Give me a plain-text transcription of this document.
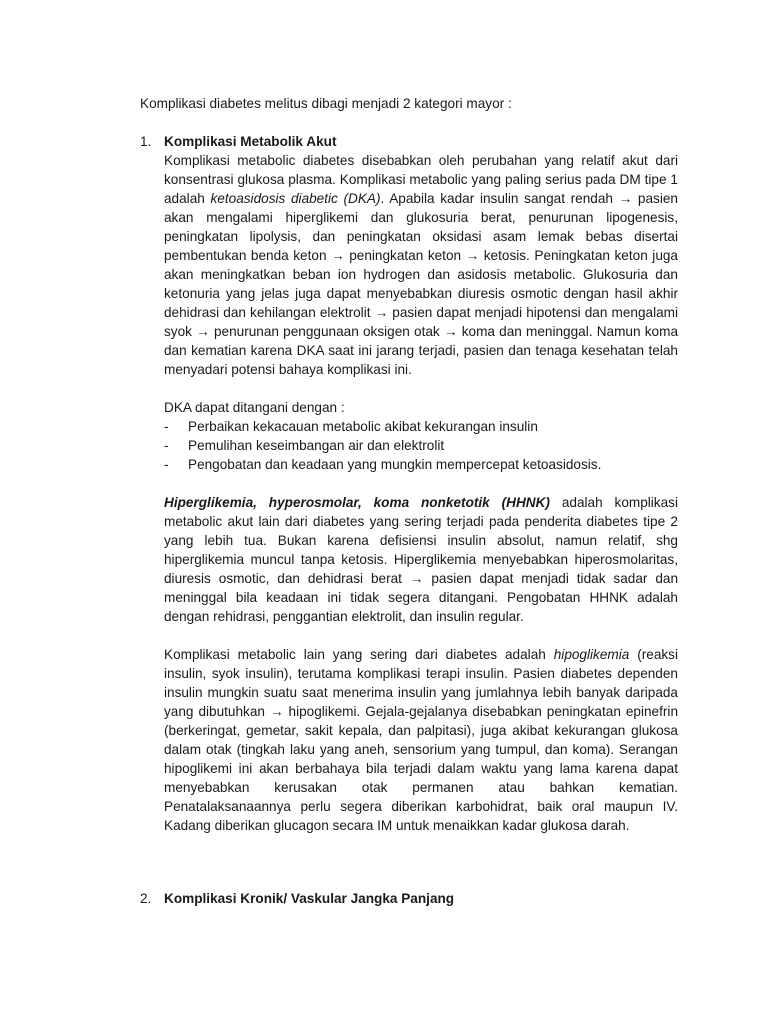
Komplikasi diabetes melitus dibagi menjadi 2 kategori mayor :
1. Komplikasi Metabolik Akut

Komplikasi metabolic diabetes disebabkan oleh perubahan yang relatif akut dari konsentrasi glukosa plasma. Komplikasi metabolic yang paling serius pada DM tipe 1 adalah ketoasidosis diabetic (DKA). Apabila kadar insulin sangat rendah → pasien akan mengalami hiperglikemi dan glukosuria berat, penurunan lipogenesis, peningkatan lipolysis, dan peningkatan oksidasi asam lemak bebas disertai pembentukan benda keton → peningkatan keton → ketosis. Peningkatan keton juga akan meningkatkan beban ion hydrogen dan asidosis metabolic. Glukosuria dan ketonuria yang jelas juga dapat menyebabkan diuresis osmotic dengan hasil akhir dehidrasi dan kehilangan elektrolit → pasien dapat menjadi hipotensi dan mengalami syok → penurunan penggunaan oksigen otak → koma dan meninggal. Namun koma dan kematian karena DKA saat ini jarang terjadi, pasien dan tenaga kesehatan telah menyadari potensi bahaya komplikasi ini.

DKA dapat ditangani dengan :

-	Perbaikan kekacauan metabolic akibat kekurangan insulin
-	Pemulihan keseimbangan air dan elektrolit
-	Pengobatan dan keadaan yang mungkin mempercepat ketoasidosis.

Hiperglikemia, hyperosmolar, koma nonketotik (HHNK) adalah komplikasi metabolic akut lain dari diabetes yang sering terjadi pada penderita diabetes tipe 2 yang lebih tua. Bukan karena defisiensi insulin absolut, namun relatif, shg hiperglikemia muncul tanpa ketosis. Hiperglikemia menyebabkan hiperosmolaritas, diuresis osmotic, dan dehidrasi berat → pasien dapat menjadi tidak sadar dan meninggal bila keadaan ini tidak segera ditangani. Pengobatan HHNK adalah dengan rehidrasi, penggantian elektrolit, dan insulin regular.

Komplikasi metabolic lain yang sering dari diabetes adalah hipoglikemia (reaksi insulin, syok insulin), terutama komplikasi terapi insulin. Pasien diabetes dependen insulin mungkin suatu saat menerima insulin yang jumlahnya lebih banyak daripada yang dibutuhkan → hipoglikemi. Gejala-gejalanya disebabkan peningkatan epinefrin (berkeringat, gemetar, sakit kepala, dan palpitasi), juga akibat kekurangan glukosa dalam otak (tingkah laku yang aneh, sensorium yang tumpul, dan koma). Serangan hipoglikemi ini akan berbahaya bila terjadi dalam waktu yang lama karena dapat menyebabkan kerusakan otak permanen atau bahkan kematian. Penatalaksanaannya perlu segera diberikan karbohidrat, baik oral maupun IV. Kadang diberikan glucagon secara IM untuk menaikkan kadar glukosa darah.

2. Komplikasi Kronik/ Vaskular Jangka Panjang
